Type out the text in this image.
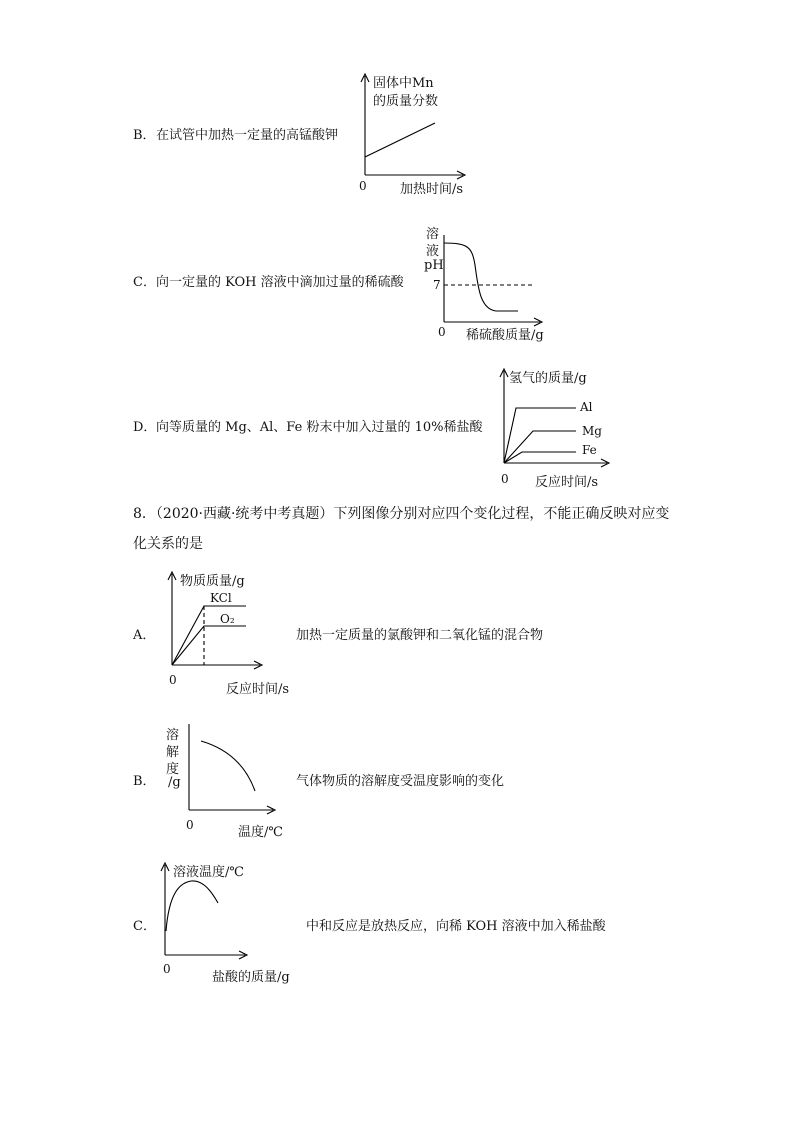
B． 在试管中加热一定量的高锰酸钾
固体中Mn
的质量分数
0	加热时间/s
C． 向一定量的 KOH 溶液中滴加过量的稀硫酸
溶
液
pH
7
0 稀硫酸质量/g
D． 向等质量的 Mg、Al、Fe 粉末中加入过量的 10%稀盐酸
氢气的质量/g
Al
Mg
Fe
0 反应时间/s
8．（2020·西藏·统考中考真题）下列图像分别对应四个变化过程，不能正确反映对应变
化关系的是
A．	加热一定质量的氯酸钾和二氧化锰的混合物
物质质量/g
KCl
O₂
0
反应时间/s
B．	气体物质的溶解度受温度影响的变化
溶
解
度
/g
0	温度/℃
C．	中和反应是放热反应，向稀 KOH 溶液中加入稀盐酸
溶液温度/℃
0
盐酸的质量/g
